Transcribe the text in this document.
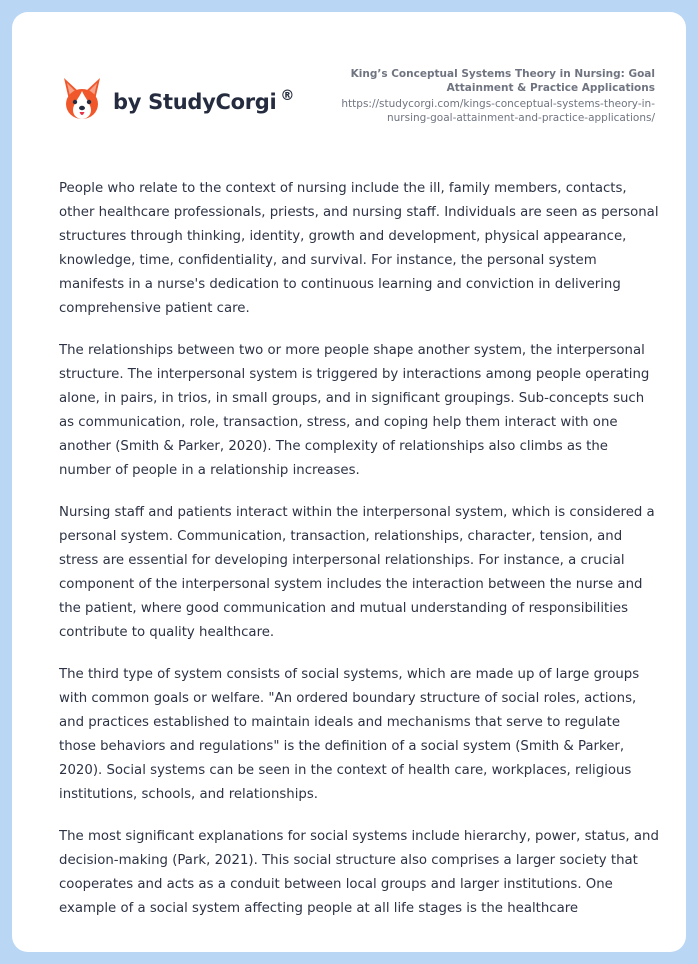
by StudyCorgi ®
King’s Conceptual Systems Theory in Nursing: Goal Attainment & Practice Applications
https://studycorgi.com/kings-conceptual-systems-theory-in-nursing-goal-attainment-and-practice-applications/

People who relate to the context of nursing include the ill, family members, contacts, other healthcare professionals, priests, and nursing staff. Individuals are seen as personal structures through thinking, identity, growth and development, physical appearance, knowledge, time, confidentiality, and survival. For instance, the personal system manifests in a nurse's dedication to continuous learning and conviction in delivering comprehensive patient care.

The relationships between two or more people shape another system, the interpersonal structure. The interpersonal system is triggered by interactions among people operating alone, in pairs, in trios, in small groups, and in significant groupings. Sub-concepts such as communication, role, transaction, stress, and coping help them interact with one another (Smith & Parker, 2020). The complexity of relationships also climbs as the number of people in a relationship increases.

Nursing staff and patients interact within the interpersonal system, which is considered a personal system. Communication, transaction, relationships, character, tension, and stress are essential for developing interpersonal relationships. For instance, a crucial component of the interpersonal system includes the interaction between the nurse and the patient, where good communication and mutual understanding of responsibilities contribute to quality healthcare.

The third type of system consists of social systems, which are made up of large groups with common goals or welfare. "An ordered boundary structure of social roles, actions, and practices established to maintain ideals and mechanisms that serve to regulate those behaviors and regulations" is the definition of a social system (Smith & Parker, 2020). Social systems can be seen in the context of health care, workplaces, religious institutions, schools, and relationships.

The most significant explanations for social systems include hierarchy, power, status, and decision-making (Park, 2021). This social structure also comprises a larger society that cooperates and acts as a conduit between local groups and larger institutions. One example of a social system affecting people at all life stages is the healthcare
